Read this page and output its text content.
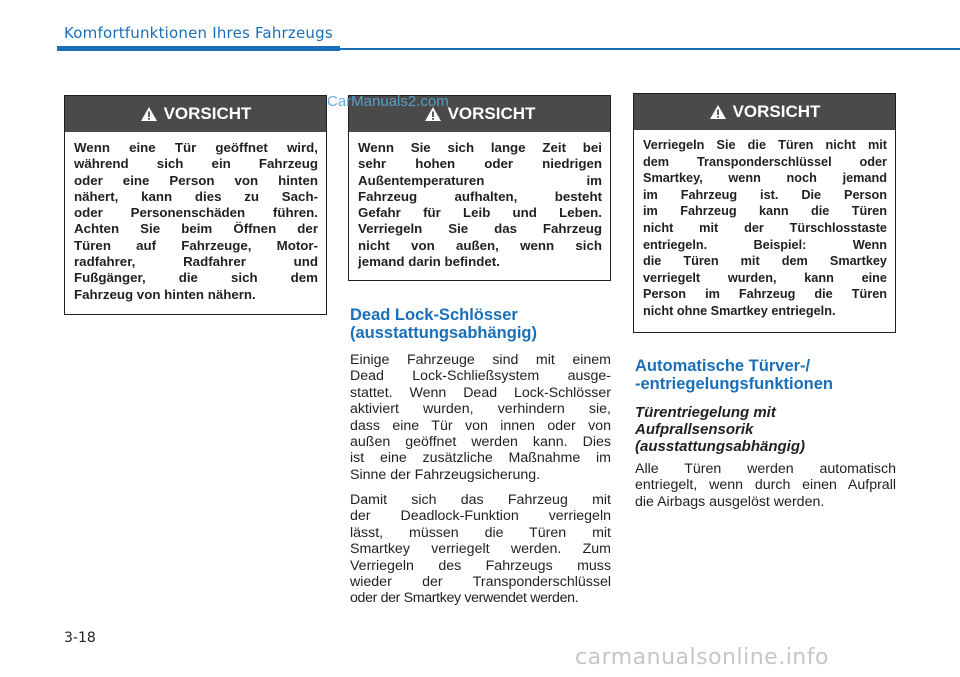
Komfortfunktionen Ihres Fahrzeugs
VORSICHT
Wenn eine Tür geöffnet wird,
während sich ein Fahrzeug
oder eine Person von hinten
nähert, kann dies zu Sach-
oder Personenschäden führen.
Achten Sie beim Öffnen der
Türen auf Fahrzeuge, Motor-
radfahrer, Radfahrer und
Fußgänger, die sich dem
Fahrzeug von hinten nähern.
VORSICHT
Wenn Sie sich lange Zeit bei
sehr hohen oder niedrigen
Außentemperaturen im
Fahrzeug aufhalten, besteht
Gefahr für Leib und Leben.
Verriegeln Sie das Fahrzeug
nicht von außen, wenn sich
jemand darin befindet.
VORSICHT
Verriegeln Sie die Türen nicht mit
dem Transponderschlüssel oder
Smartkey, wenn noch jemand
im Fahrzeug ist. Die Person
im Fahrzeug kann die Türen
nicht mit der Türschlosstaste
entriegeln. Beispiel: Wenn
die Türen mit dem Smartkey
verriegelt wurden, kann eine
Person im Fahrzeug die Türen
nicht ohne Smartkey entriegeln.
Dead Lock-Schlösser
(ausstattungsabhängig)
Einige Fahrzeuge sind mit einem
Dead Lock-Schließsystem ausge-
stattet. Wenn Dead Lock-Schlösser
aktiviert wurden, verhindern sie,
dass eine Tür von innen oder von
außen geöffnet werden kann. Dies
ist eine zusätzliche Maßnahme im
Sinne der Fahrzeugsicherung.
Damit sich das Fahrzeug mit
der Deadlock-Funktion verriegeln
lässt, müssen die Türen mit
Smartkey verriegelt werden. Zum
Verriegeln des Fahrzeugs muss
wieder der Transponderschlüssel
oder der Smartkey verwendet werden.
Automatische Türver-/
-entriegelungsfunktionen
Türentriegelung mit
Aufprallsensorik
(ausstattungsabhängig)
Alle Türen werden automatisch
entriegelt, wenn durch einen Aufprall
die Airbags ausgelöst werden.
3-18
CarManuals2.com
carmanualsonline.info
